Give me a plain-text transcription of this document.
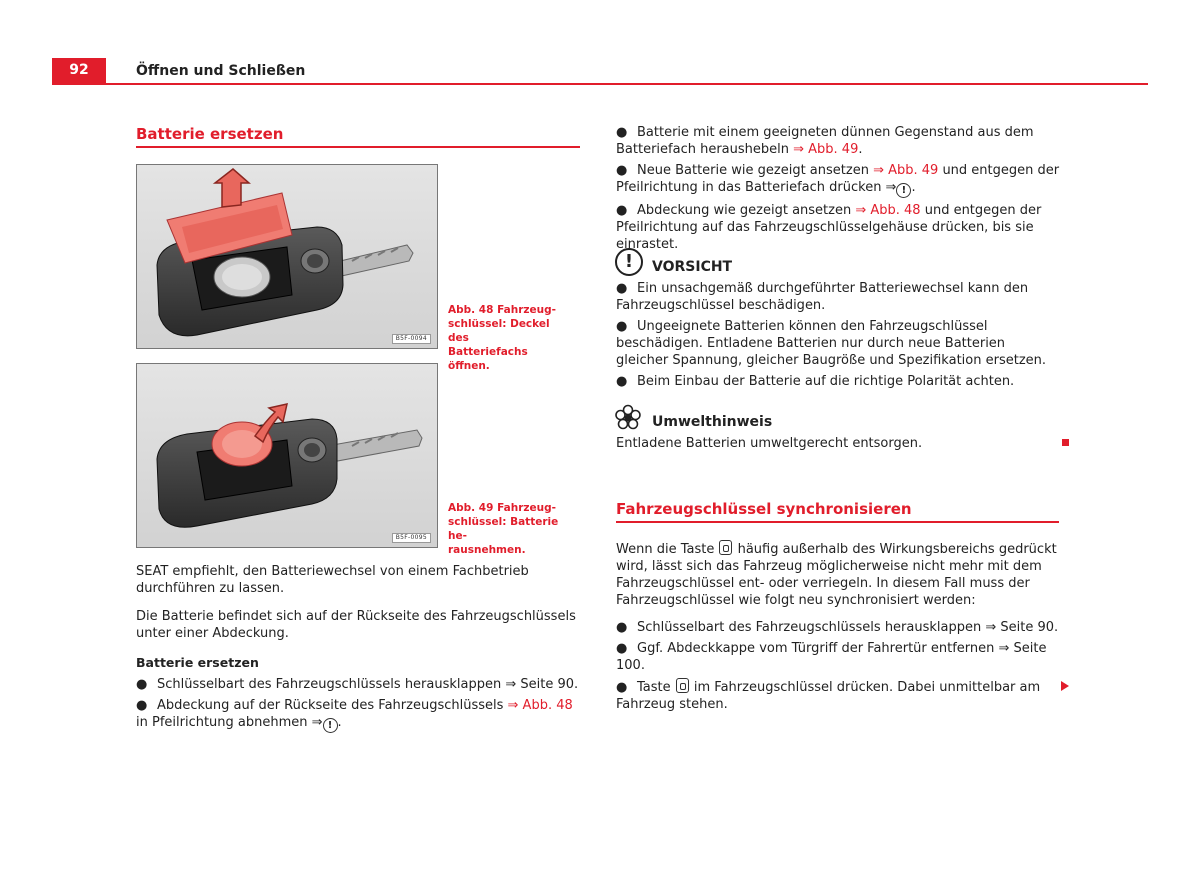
92	Öffnen und Schließen
Batterie ersetzen
B5F-0094
Abb. 48 Fahrzeug-
schlüssel: Deckel des
Batteriefachs öffnen.
B5F-0095
Abb. 49 Fahrzeug-
schlüssel: Batterie he-
rausnehmen.
SEAT empfiehlt, den Batteriewechsel von einem Fachbetrieb durchführen zu lassen.
Die Batterie befindet sich auf der Rückseite des Fahrzeugschlüssels unter einer Abdeckung.
Batterie ersetzen
● Schlüsselbart des Fahrzeugschlüssels herausklappen ⇒ Seite 90.
● Abdeckung auf der Rückseite des Fahrzeugschlüssels ⇒ Abb. 48 in Pfeilrichtung abnehmen ⇒ ! .
● Batterie mit einem geeigneten dünnen Gegenstand aus dem Batteriefach heraushebeln ⇒ Abb. 49.
● Neue Batterie wie gezeigt ansetzen ⇒ Abb. 49 und entgegen der Pfeilrichtung in das Batteriefach drücken ⇒ ! .
● Abdeckung wie gezeigt ansetzen ⇒ Abb. 48 und entgegen der Pfeilrichtung auf das Fahrzeugschlüsselgehäuse drücken, bis sie einrastet.
!	VORSICHT
● Ein unsachgemäß durchgeführter Batteriewechsel kann den Fahrzeugschlüssel beschädigen.
● Ungeeignete Batterien können den Fahrzeugschlüssel beschädigen. Entladene Batterien nur durch neue Batterien gleicher Spannung, gleicher Baugröße und Spezifikation ersetzen.
● Beim Einbau der Batterie auf die richtige Polarität achten.
Umwelthinweis
Entladene Batterien umweltgerecht entsorgen.
Fahrzeugschlüssel synchronisieren
Wenn die Taste  häufig außerhalb des Wirkungsbereichs gedrückt wird, lässt sich das Fahrzeug möglicherweise nicht mehr mit dem Fahrzeugschlüssel ent- oder verriegeln. In diesem Fall muss der Fahrzeugschlüssel wie folgt neu synchronisiert werden:
● Schlüsselbart des Fahrzeugschlüssels herausklappen ⇒ Seite 90.
● Ggf. Abdeckkappe vom Türgriff der Fahrertür entfernen ⇒ Seite 100.
● Taste  im Fahrzeugschlüssel drücken. Dabei unmittelbar am Fahrzeug stehen.
